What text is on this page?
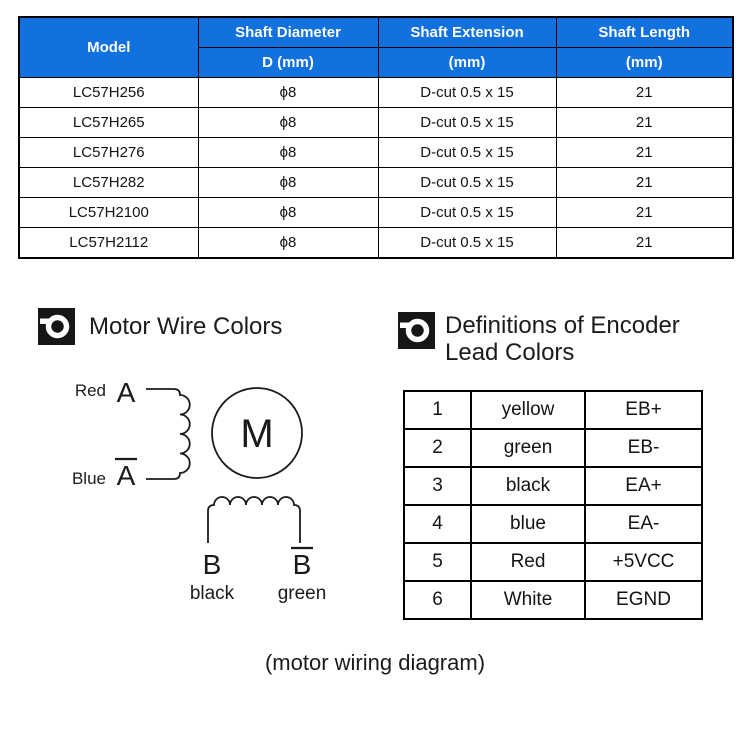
Model	Shaft Diameter	Shaft Extension	Shaft Length
	D (mm)	(mm)	(mm)
LC57H256	ϕ8	D-cut 0.5 x 15	21
LC57H265	ϕ8	D-cut 0.5 x 15	21
LC57H276	ϕ8	D-cut 0.5 x 15	21
LC57H282	ϕ8	D-cut 0.5 x 15	21
LC57H2100	ϕ8	D-cut 0.5 x 15	21
LC57H2112	ϕ8	D-cut 0.5 x 15	21
Motor Wire Colors	Definitions of Encoder
Lead Colors
M
Red A
Blue A
B	B
black green
1	yellow	EB+
2	green	EB-
3	black	EA+
4	blue	EA-
5	Red	+5VCC
6	White	EGND
(motor wiring diagram)
